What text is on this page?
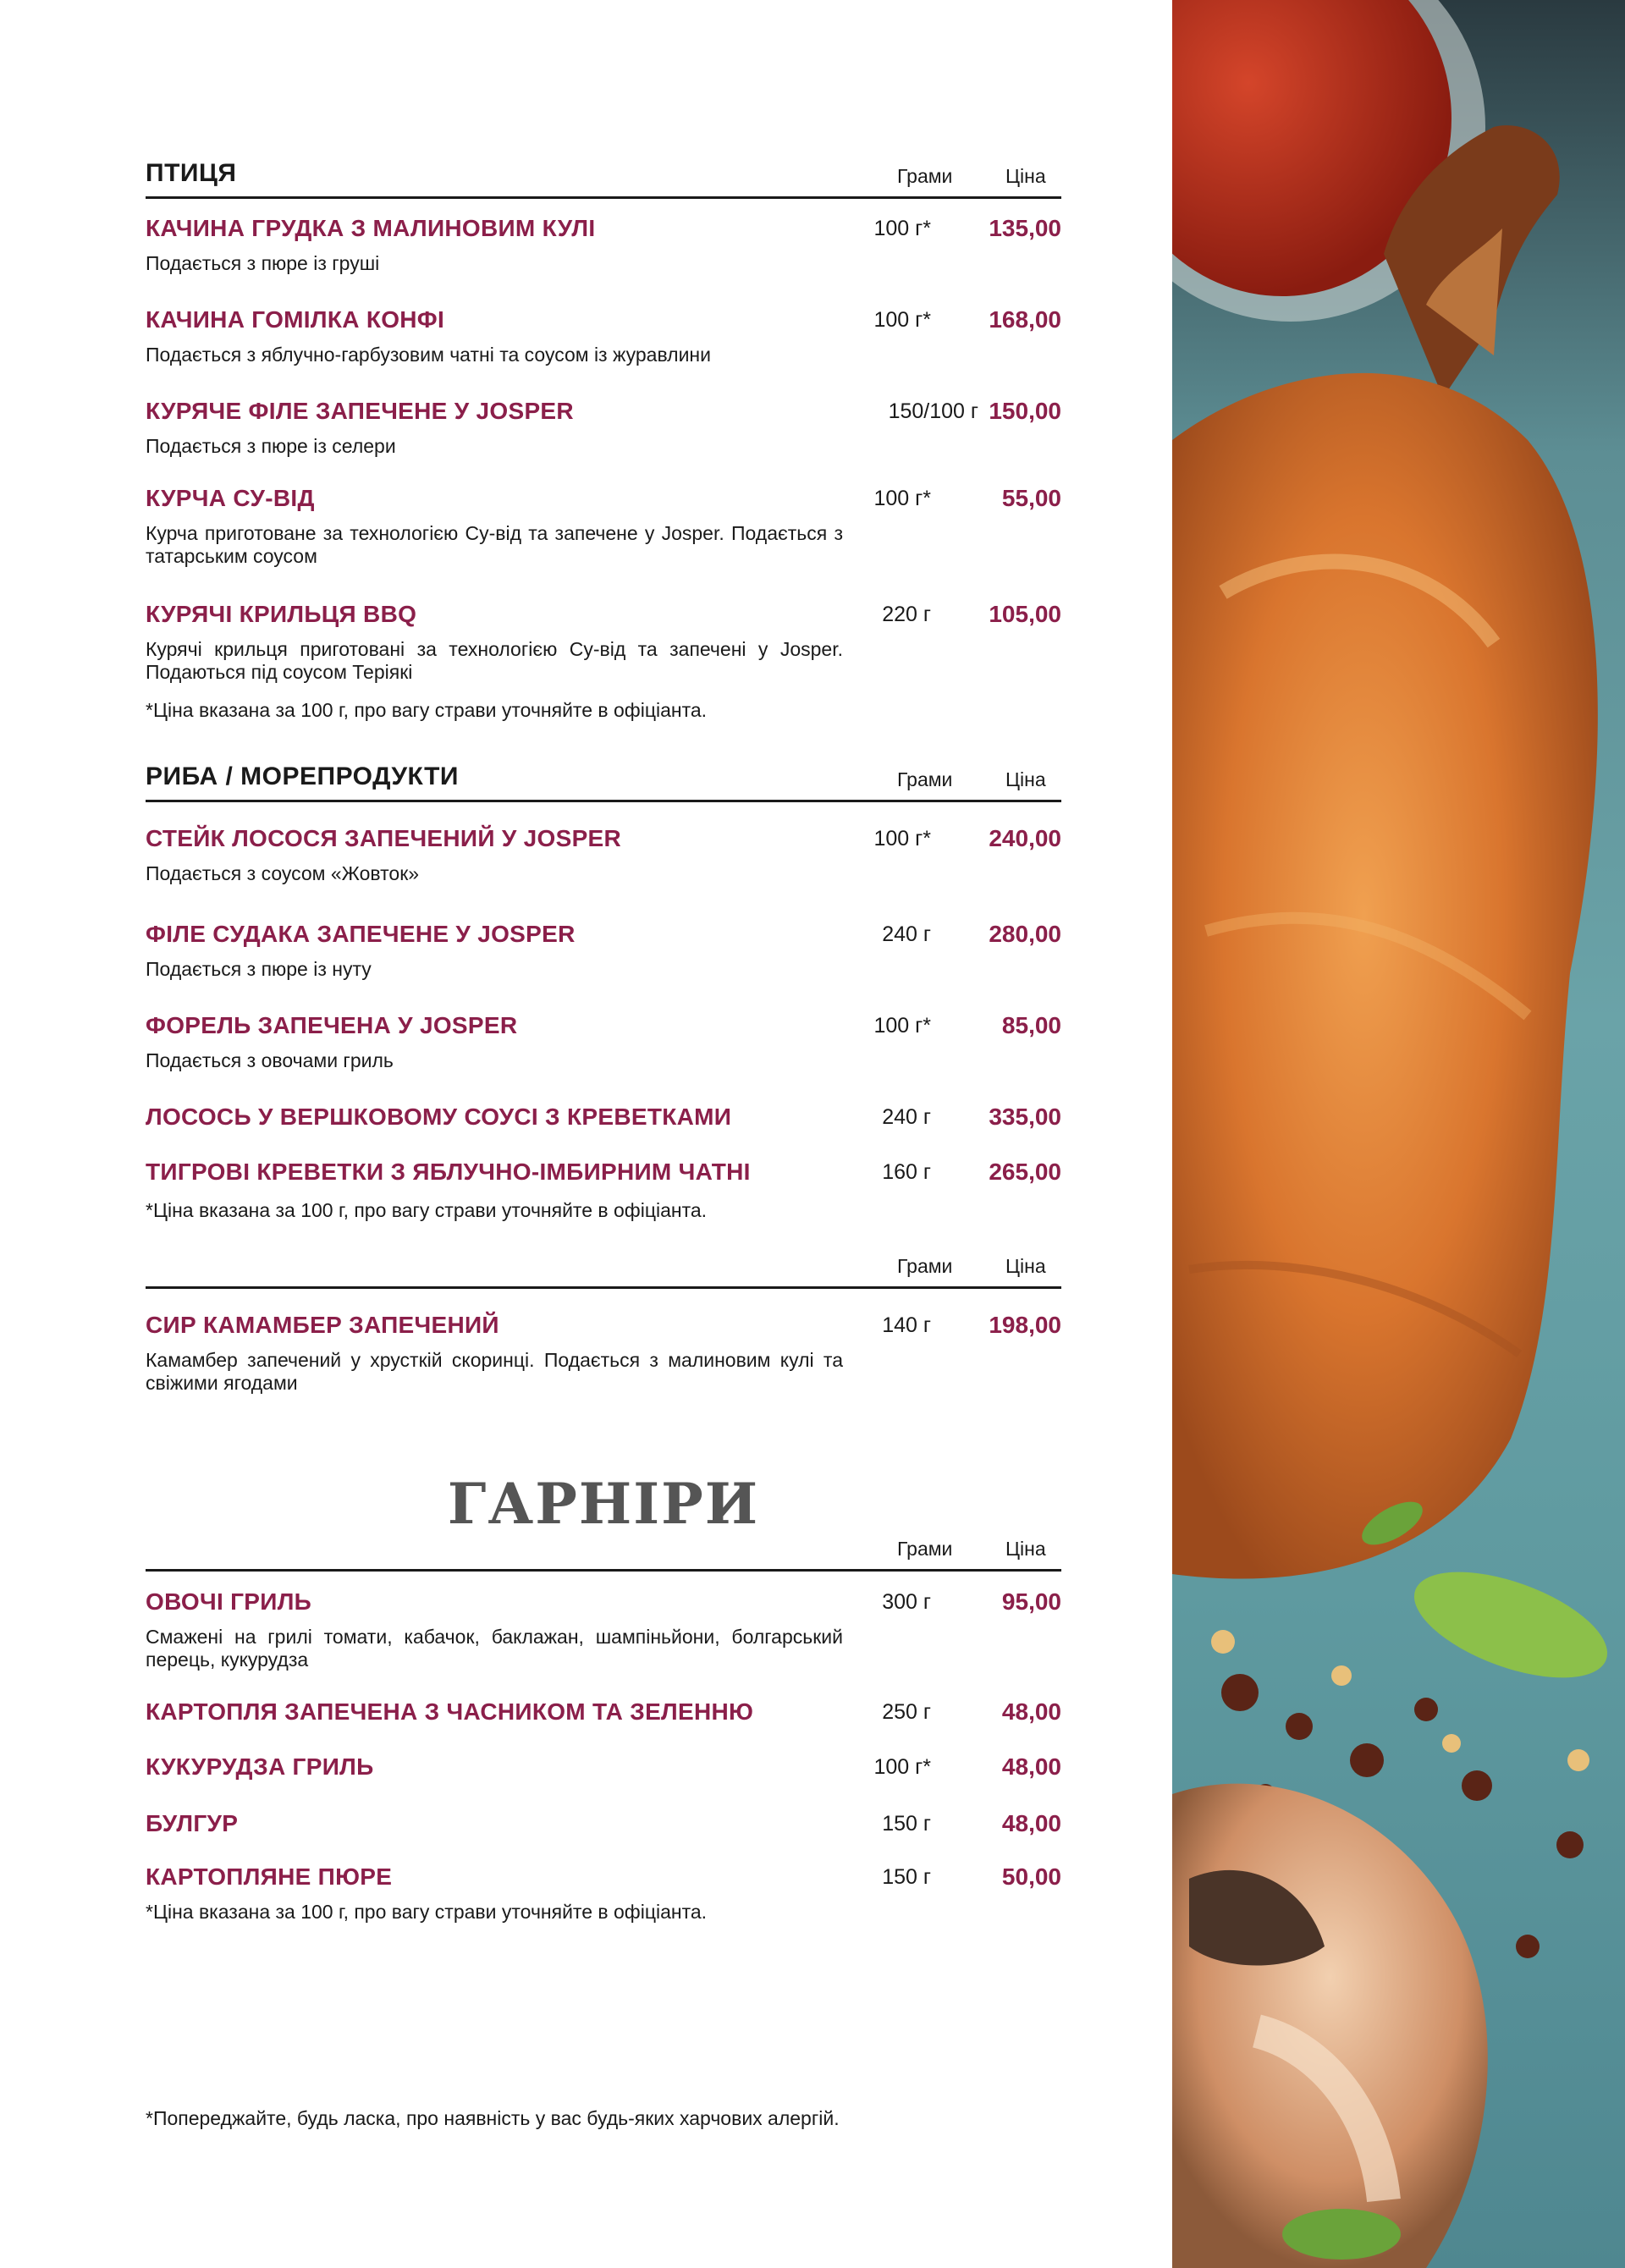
ПТИЦЯ	Грами	Ціна
КАЧИНА ГРУДКА З МАЛИНОВИМ КУЛІ	100 г* 135,00
Подається з пюре із груші
КАЧИНА ГОМІЛКА КОНФІ	100 г* 168,00
Подається з яблучно-гарбузовим чатні та соусом із журавлини
КУРЯЧЕ ФІЛЕ ЗАПЕЧЕНЕ У JOSPER	150/100 г 150,00
Подається з пюре із селери
КУРЧА СУ-ВІД	100 г*	55,00
Курча приготоване за технологією Су-від та запечене у Josper. Подається з татарським соусом
КУРЯЧІ КРИЛЬЦЯ BBQ	220 г 105,00
Курячі крильця приготовані за технологією Су-від та запечені у Josper. Подаються під соусом Теріякі
*Ціна вказана за 100 г, про вагу страви уточняйте в офіціанта.
РИБА / МОРЕПРОДУКТИ	Грами	Ціна
СТЕЙК ЛОСОСЯ ЗАПЕЧЕНИЙ У JOSPER	100 г* 240,00
Подається з соусом «Жовток»
ФІЛЕ СУДАКА ЗАПЕЧЕНЕ У JOSPER	240 г 280,00
Подається з пюре із нуту
ФОРЕЛЬ ЗАПЕЧЕНА У JOSPER	100 г*	85,00
Подається з овочами гриль
ЛОСОСЬ У ВЕРШКОВОМУ СОУСІ З КРЕВЕТКАМИ	240 г 335,00
ТИГРОВІ КРЕВЕТКИ З ЯБЛУЧНО-ІМБИРНИМ ЧАТНІ	160 г 265,00
*Ціна вказана за 100 г, про вагу страви уточняйте в офіціанта.
Грами	Ціна
СИР КАМАМБЕР ЗАПЕЧЕНИЙ	140 г 198,00
Камамбер запечений у хрусткій скоринці. Подається з малиновим кулі та свіжими ягодами
ГАРНІРИ
Грами	Ціна
ОВОЧІ ГРИЛЬ	300 г	95,00
Смажені на грилі томати, кабачок, баклажан, шампіньйони, болгарський перець, кукурудза
КАРТОПЛЯ ЗАПЕЧЕНА З ЧАСНИКОМ ТА ЗЕЛЕННЮ	250 г	48,00
КУКУРУДЗА ГРИЛЬ	100 г*	48,00
БУЛГУР	150 г	48,00
КАРТОПЛЯНЕ ПЮРЕ	150 г	50,00
*Ціна вказана за 100 г, про вагу страви уточняйте в офіціанта.
*Попереджайте, будь ласка, про наявність у вас будь-яких харчових алергій.
